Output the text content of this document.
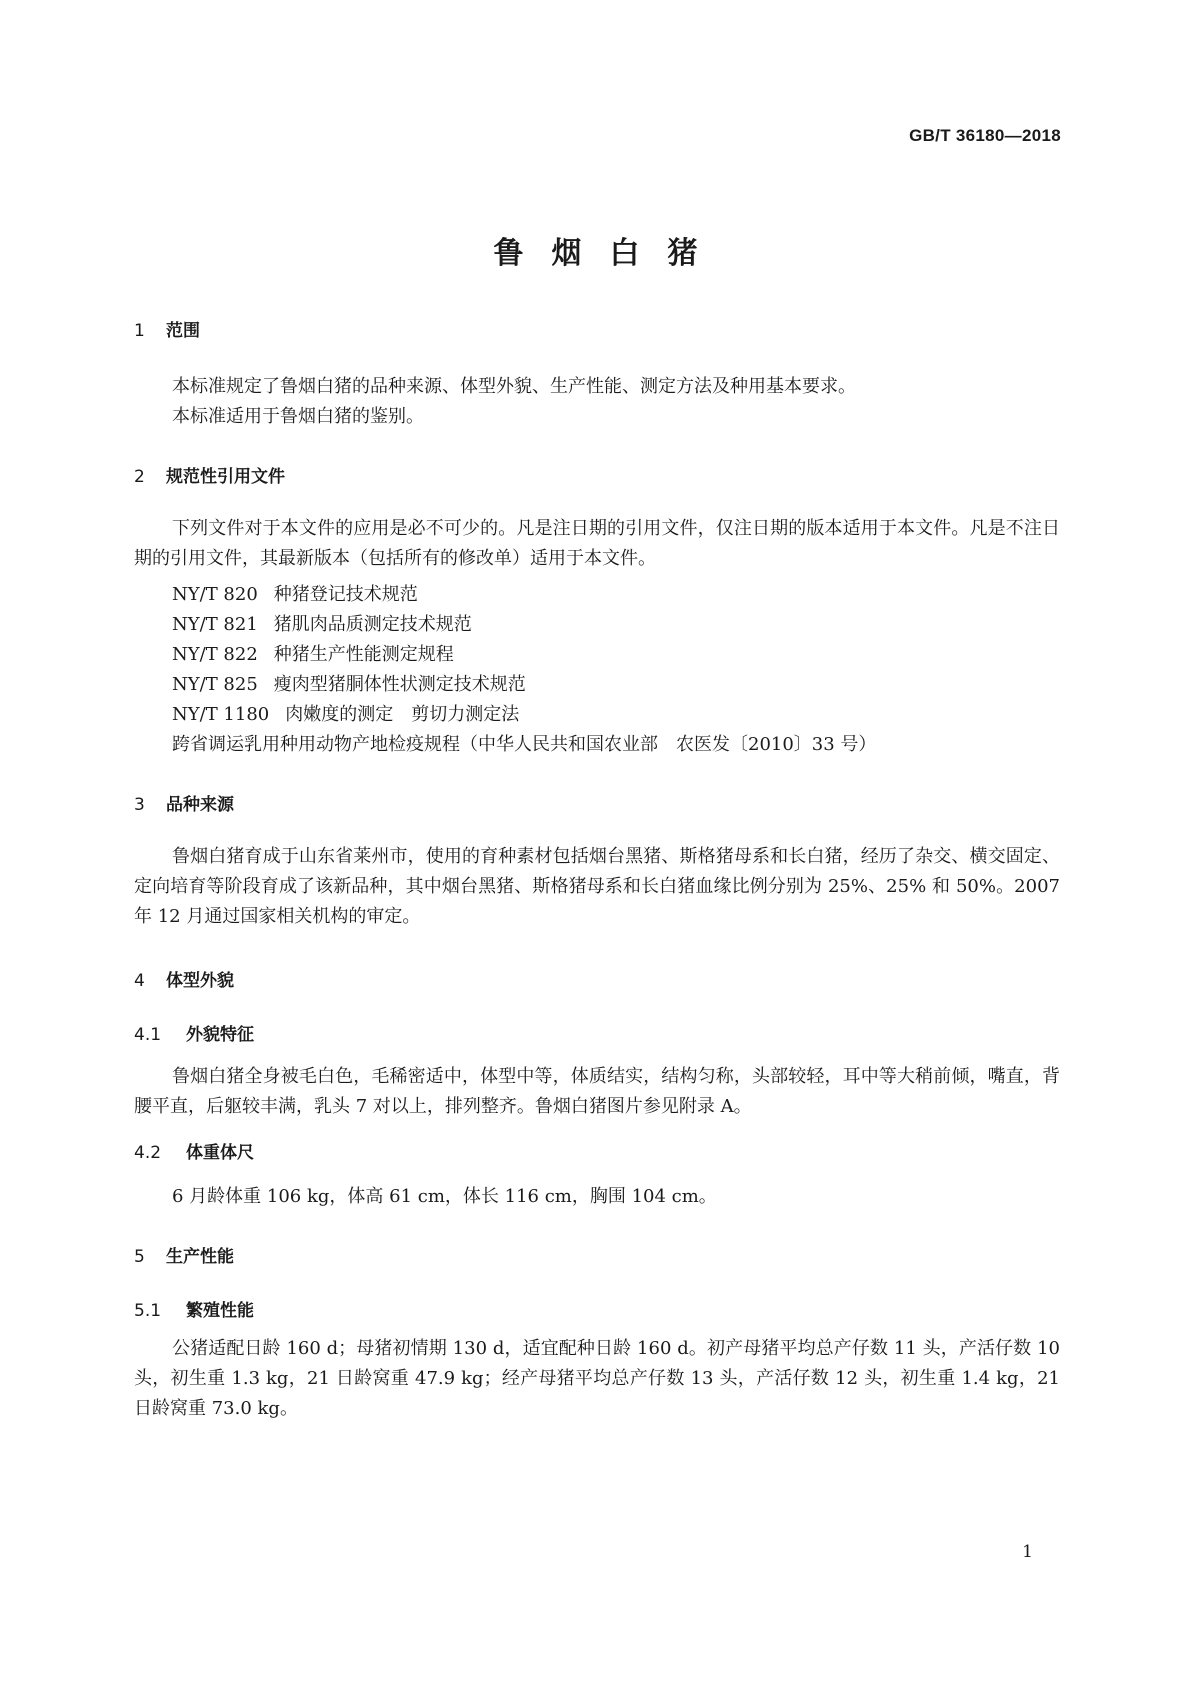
GB/T 36180—2018
鲁烟白猪
1 范围
本标准规定了鲁烟白猪的品种来源、体型外貌、生产性能、测定方法及种用基本要求。
本标准适用于鲁烟白猪的鉴别。
2 规范性引用文件
下列文件对于本文件的应用是必不可少的。凡是注日期的引用文件，仅注日期的版本适用于本文件。凡是不注日期的引用文件，其最新版本（包括所有的修改单）适用于本文件。
NY/T 820 种猪登记技术规范
NY/T 821 猪肌肉品质测定技术规范
NY/T 822 种猪生产性能测定规程
NY/T 825 瘦肉型猪胴体性状测定技术规范
NY/T 1180 肉嫩度的测定　剪切力测定法
跨省调运乳用种用动物产地检疫规程（中华人民共和国农业部　农医发〔2010〕33 号）
3 品种来源
鲁烟白猪育成于山东省莱州市，使用的育种素材包括烟台黑猪、斯格猪母系和长白猪，经历了杂交、横交固定、定向培育等阶段育成了该新品种，其中烟台黑猪、斯格猪母系和长白猪血缘比例分别为 25%、25% 和 50%。2007 年 12 月通过国家相关机构的审定。
4 体型外貌
4.1 外貌特征
鲁烟白猪全身被毛白色，毛稀密适中，体型中等，体质结实，结构匀称，头部较轻，耳中等大稍前倾，嘴直，背腰平直，后躯较丰满，乳头 7 对以上，排列整齐。鲁烟白猪图片参见附录 A。
4.2 体重体尺
6 月龄体重 106 kg，体高 61 cm，体长 116 cm，胸围 104 cm。
5 生产性能
5.1 繁殖性能
公猪适配日龄 160 d；母猪初情期 130 d，适宜配种日龄 160 d。初产母猪平均总产仔数 11 头，产活仔数 10 头，初生重 1.3 kg，21 日龄窝重 47.9 kg；经产母猪平均总产仔数 13 头，产活仔数 12 头，初生重 1.4 kg，21 日龄窝重 73.0 kg。
1
